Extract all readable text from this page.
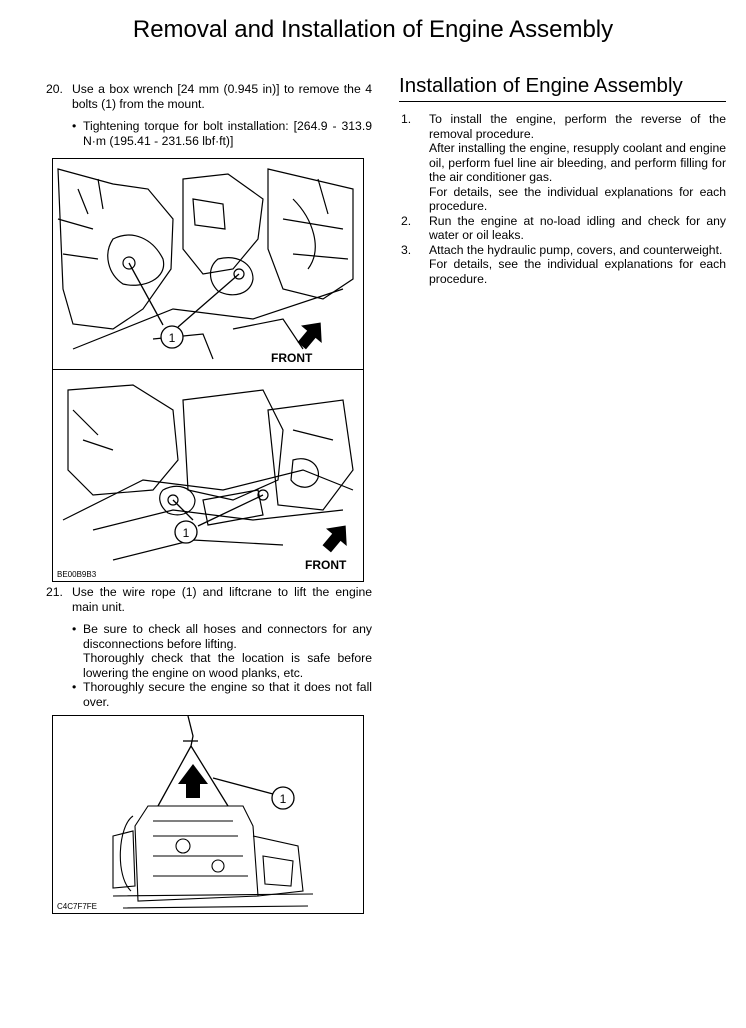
Removal and Installation of Engine Assembly
20. Use a box wrench [24 mm (0.945 in)] to remove the 4 bolts (1) from the mount.
• Tightening torque for bolt installation: [264.9 - 313.9 N·m (195.41 - 231.56 lbf·ft)]
1
FRONT
1
FRONT
BE00B9B3
21. Use the wire rope (1) and liftcrane to lift the engine main unit.
• Be sure to check all hoses and connectors for any disconnections before lifting.
Thoroughly check that the location is safe before lowering the engine on wood planks, etc.
• Thoroughly secure the engine so that it does not fall over.
1
C4C7F7FE
Installation of Engine Assembly
1.	To install the engine, perform the reverse of the removal procedure.
After installing the engine, resupply coolant and engine oil, perform fuel line air bleeding, and perform filling for the air conditioner gas.
For details, see the individual explanations for each procedure.
2.	Run the engine at no-load idling and check for any water or oil leaks.
3.	Attach the hydraulic pump, covers, and counterweight.
For details, see the individual explanations for each procedure.
